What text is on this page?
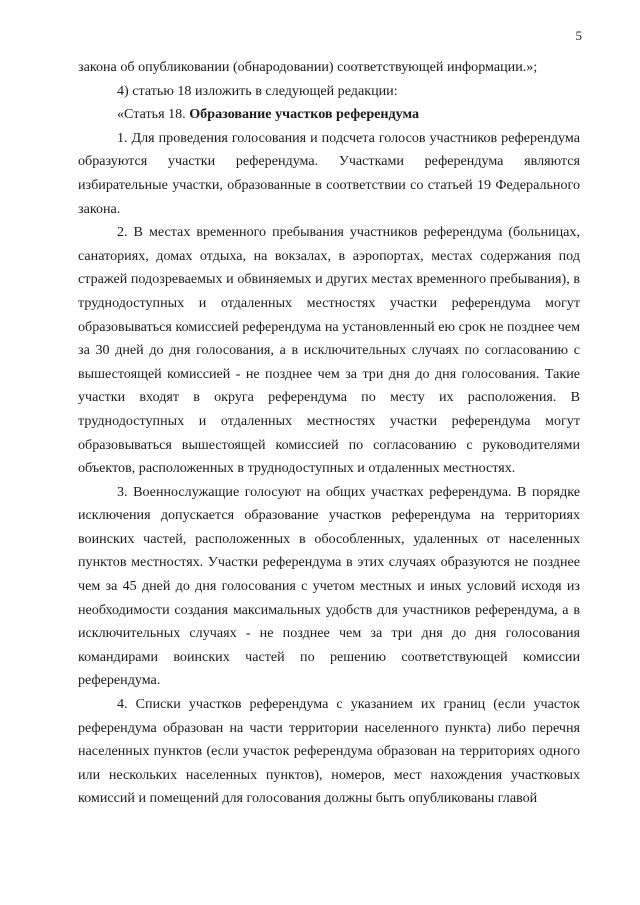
5

закона об опубликовании (обнародовании) соответствующей информации.»;

4) статью 18 изложить в следующей редакции:

«Статья 18. Образование участков референдума

1. Для проведения голосования и подсчета голосов участников референдума образуются участки референдума. Участками референдума являются избирательные участки, образованные в соответствии со статьей 19 Федерального закона.

2. В местах временного пребывания участников референдума (больницах, санаториях, домах отдыха, на вокзалах, в аэропортах, местах содержания под стражей подозреваемых и обвиняемых и других местах временного пребывания), в труднодоступных и отдаленных местностях участки референдума могут образовываться комиссией референдума на установленный ею срок не позднее чем за 30 дней до дня голосования, а в исключительных случаях по согласованию с вышестоящей комиссией - не позднее чем за три дня до дня голосования. Такие участки входят в округа референдума по месту их расположения. В труднодоступных и отдаленных местностях участки референдума могут образовываться вышестоящей комиссией по согласованию с руководителями объектов, расположенных в труднодоступных и отдаленных местностях.

3. Военнослужащие голосуют на общих участках референдума. В порядке исключения допускается образование участков референдума на территориях воинских частей, расположенных в обособленных, удаленных от населенных пунктов местностях. Участки референдума в этих случаях образуются не позднее чем за 45 дней до дня голосования с учетом местных и иных условий исходя из необходимости создания максимальных удобств для участников референдума, а в исключительных случаях - не позднее чем за три дня до дня голосования командирами воинских частей по решению соответствующей комиссии референдума.

4. Списки участков референдума с указанием их границ (если участок референдума образован на части территории населенного пункта) либо перечня населенных пунктов (если участок референдума образован на территориях одного или нескольких населенных пунктов), номеров, мест нахождения участковых комиссий и помещений для голосования должны быть опубликованы главой
